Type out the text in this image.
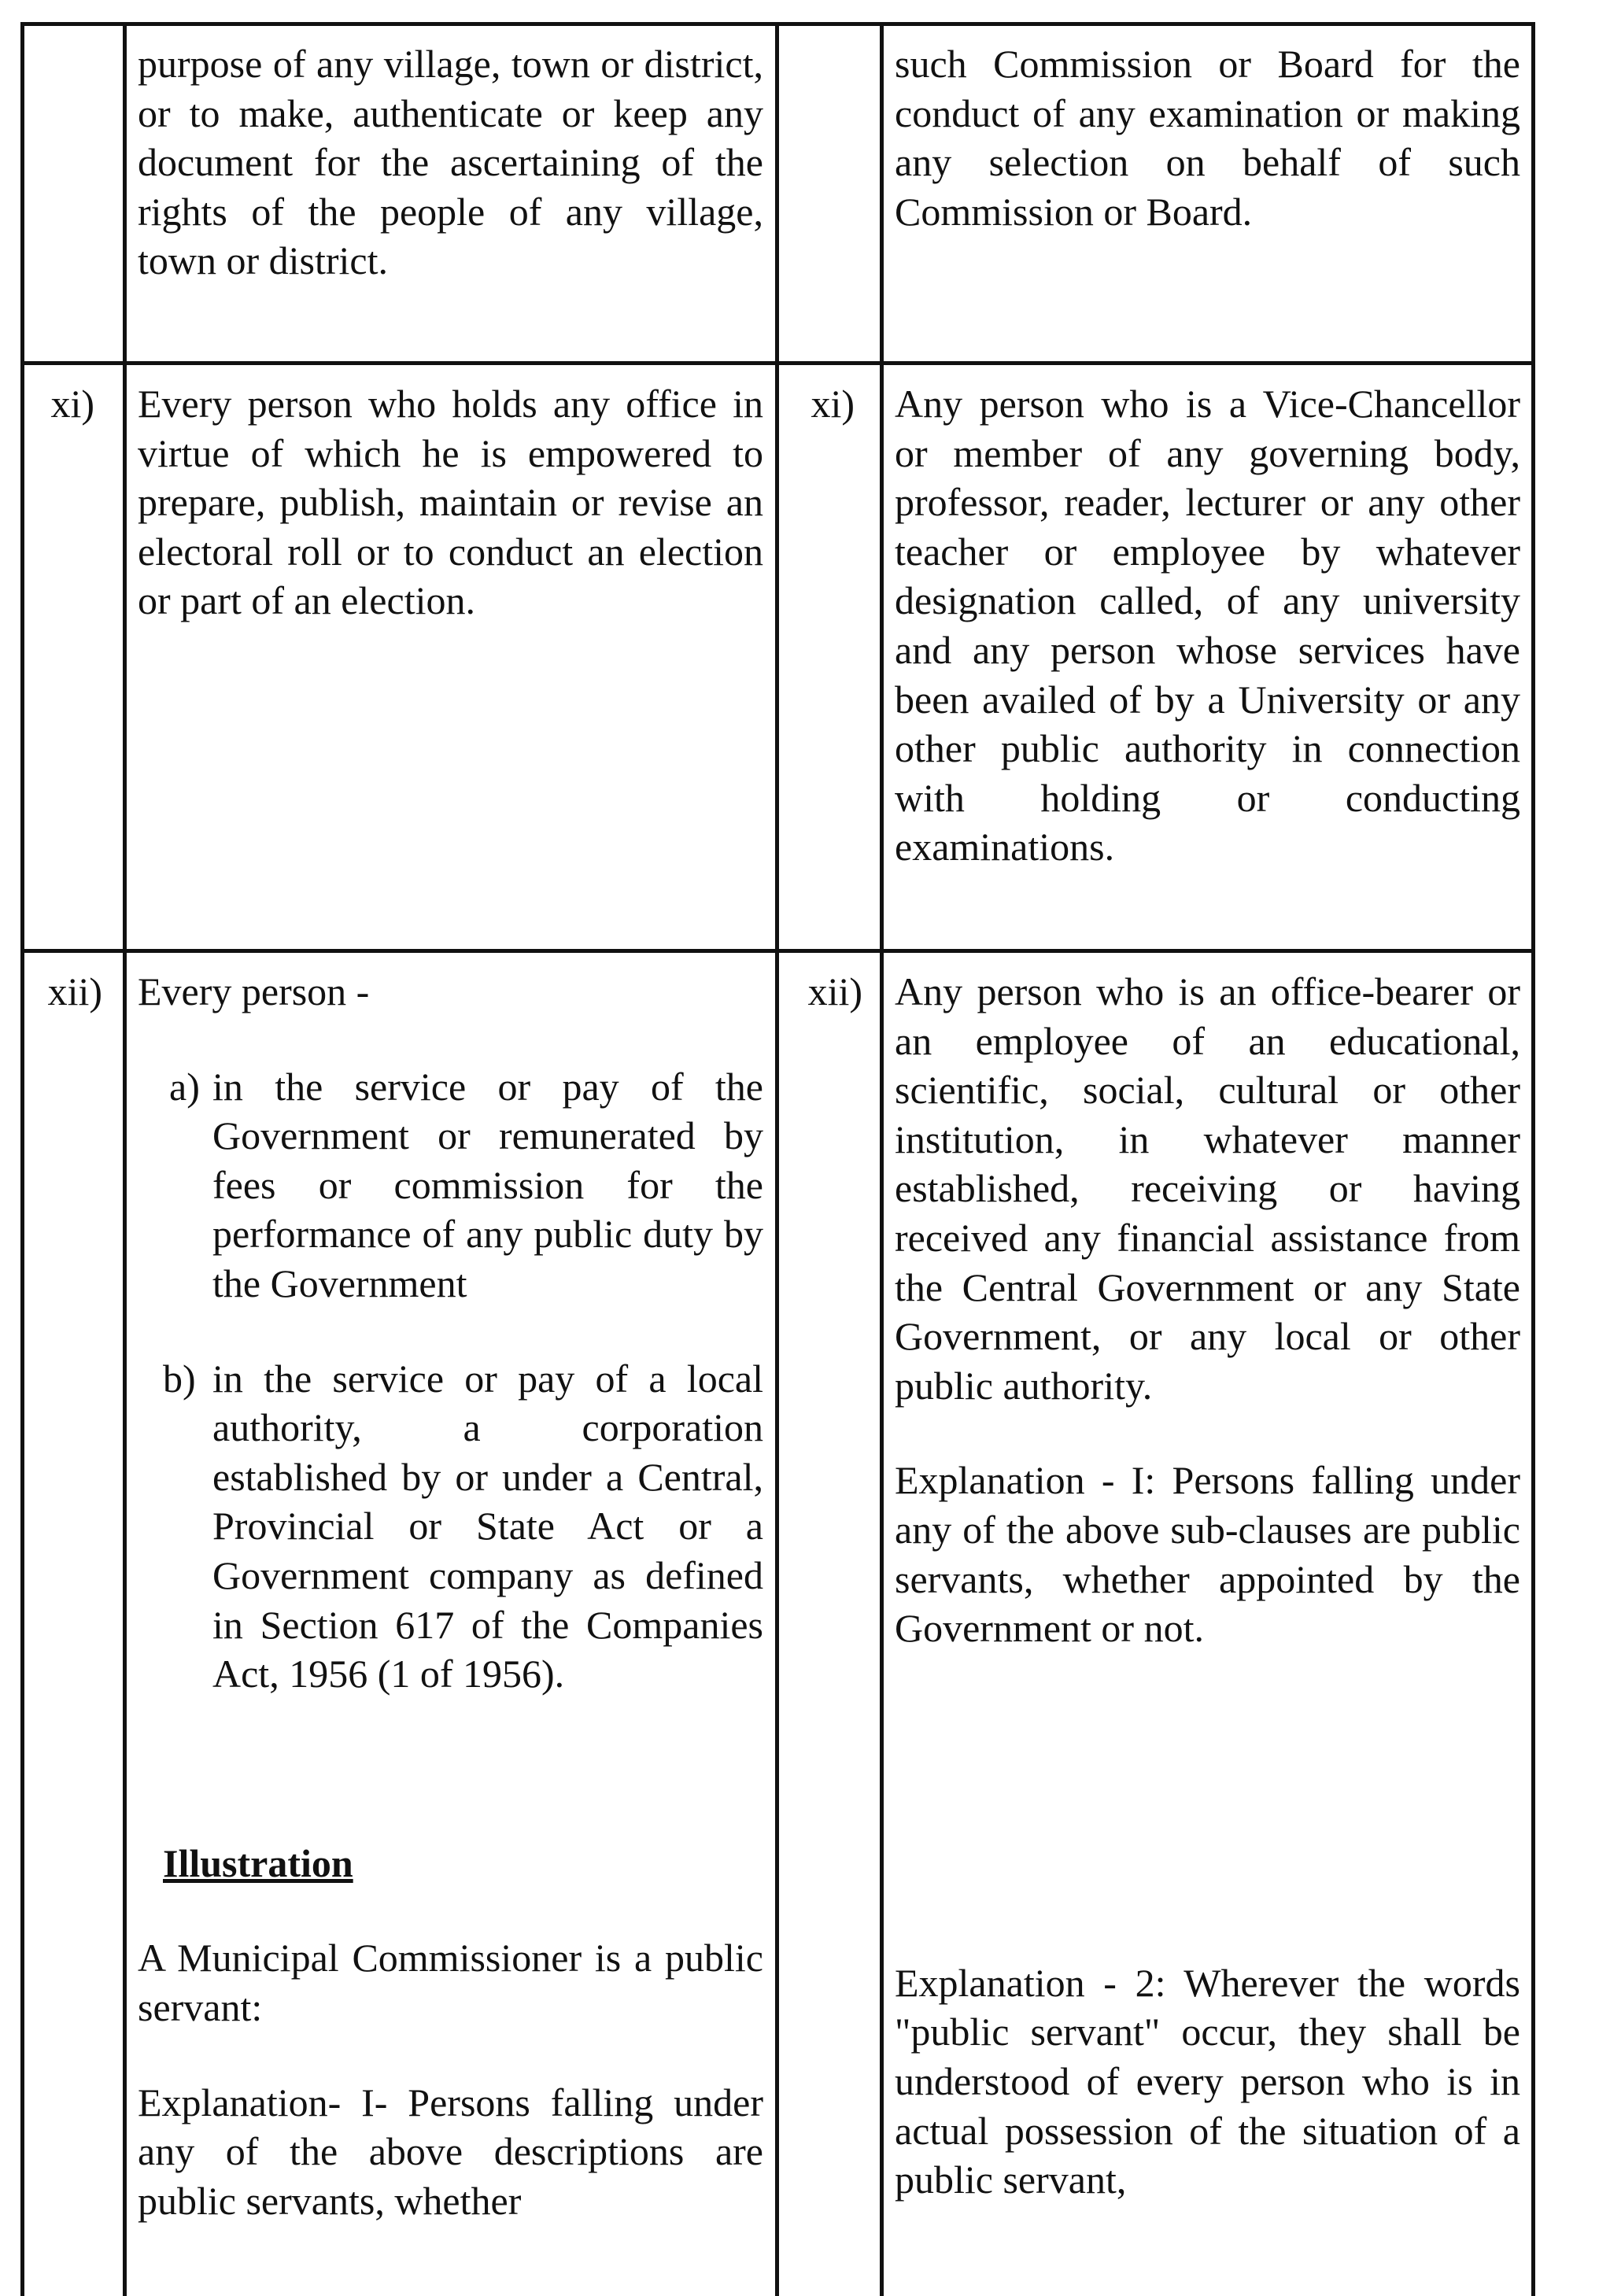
purpose of any village, town or district, or to make, authenticate or keep any document for the ascertaining of the rights of the people of any village, town or district.

such Commission or Board for the conduct of any examination or making any selection on behalf of such Commission or Board.

xi) Every person who holds any office in virtue of which he is empowered to prepare, publish, maintain or revise an electoral roll or to conduct an election or part of an election.

xi) Any person who is a Vice-Chancellor or member of any governing body, professor, reader, lecturer or any other teacher or employee by whatever designation called, of any university and any person whose services have been availed of by a University or any other public authority in connection with holding or conducting examinations.

xii) Every person -

a) in the service or pay of the Government or remunerated by fees or commission for the performance of any public duty by the Government
b) in the service or pay of a local authority, a corporation established by or under a Central, Provincial or State Act or a Government company as defined in Section 617 of the Companies Act, 1956 (1 of 1956).

Illustration

A Municipal Commissioner is a public servant:

Explanation- I- Persons falling under any of the above descriptions are public servants, whether

xii) Any person who is an office-bearer or an employee of an educational, scientific, social, cultural or other institution, in whatever manner established, receiving or having received any financial assistance from the Central Government or any State Government, or any local or other public authority.

Explanation - I: Persons falling under any of the above sub-clauses are public servants, whether appointed by the Government or not.

Explanation - 2: Wherever the words "public servant" occur, they shall be understood of every person who is in actual possession of the situation of a public servant,
